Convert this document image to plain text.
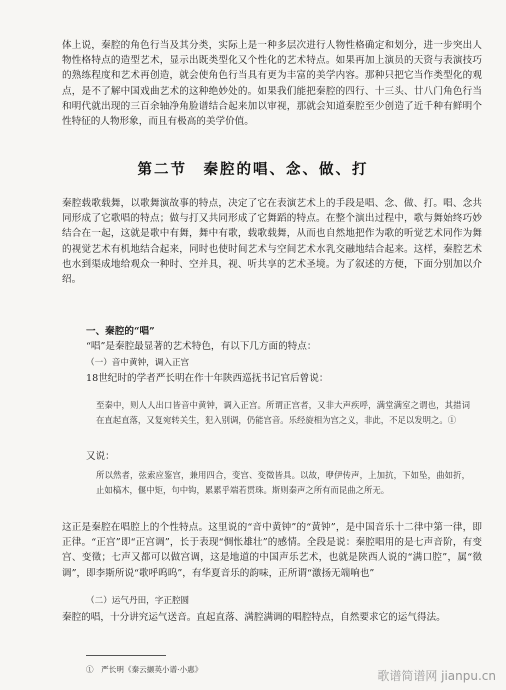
体上说，秦腔的角色行当及其分类，实际上是一种多层次进行人物性格确定和划分，进一步突出人物性格特点的造型艺术，显示出既类型化又个性化的艺术特点。如果再加上演员的天资与表演技巧的熟练程度和艺术再创造，就会使角色行当具有更为丰富的美学内容。那种只把它当作类型化的观点，是不了解中国戏曲艺术的这种绝妙处的。如果我们能把秦腔的四行、十三头、廿八门角色行当和明代就出现的三百余轴净角脸谱结合起来加以审视，那就会知道秦腔至少创造了近千种有鲜明个性特征的人物形象，而且有极高的美学价值。

第二节　秦腔的唱、念、做、打

秦腔载歌载舞，以歌舞演故事的特点，决定了它在表演艺术上的手段是唱、念、做、打。唱、念共同形成了它歌唱的特点；做与打又共同形成了它舞蹈的特点。在整个演出过程中，歌与舞始终巧妙结合在一起，这就是歌中有舞，舞中有歌，载歌载舞，从而也自然地把作为歌的听觉艺术同作为舞的视觉艺术有机地结合起来，同时也使时间艺术与空间艺术水乳交融地结合起来。这样，秦腔艺术也水到渠成地给观众一种时、空并具，视、听共享的艺术圣境。为了叙述的方便，下面分别加以介绍。

一、秦腔的“唱”

“唱”是秦腔最显著的艺术特色，有以下几方面的特点：

（一）音中黄钟，调入正宫

18世纪时的学者严长明在作十年陕西巡抚书记官后曾说：

至秦中，则人人出口皆音中黄钟，调入正宫。所谓正宫者，又非大声疾呼，满堂满室之谓也，其措词在直起直落，又复宛转关生，犯入别调，仍能宫音。乐经旋相为宫之义，非此，不足以发明之。①

又说：

所以然者，弦索应鉴宫，兼用四合，变宫、变徵皆具。以故，咿伊传声，上加抗，下如坠，曲如折，止如槁木，偃中矩，句中钩，累累乎端若贯珠。斯则秦声之所有而昆曲之所无。

这正是秦腔在唱腔上的个性特点。这里说的“音中黄钟”的“黄钟”，是中国音乐十二律中第一律，即正律。“正宫”即“正宫调”，长于表现“惆怅雄壮”的感情。全段是说：秦腔唱用的是七声音阶，有变宫、变徵；七声又都可以做宫调，这是地道的中国声乐艺术，也就是陕西人说的“满口腔”，属“徵调”，即李斯所说“歌呼呜呜”，有华夏音乐的韵味，正所谓“激扬无端响也”

（二）运气丹田，字正腔圆

秦腔的唱，十分讲究运气送音。直起直落、满腔满调的唱腔特点，自然要求它的运气得法。

①　严长明《秦云撷英小谱·小惠》	歌谱简谱网 jianpu.cn
